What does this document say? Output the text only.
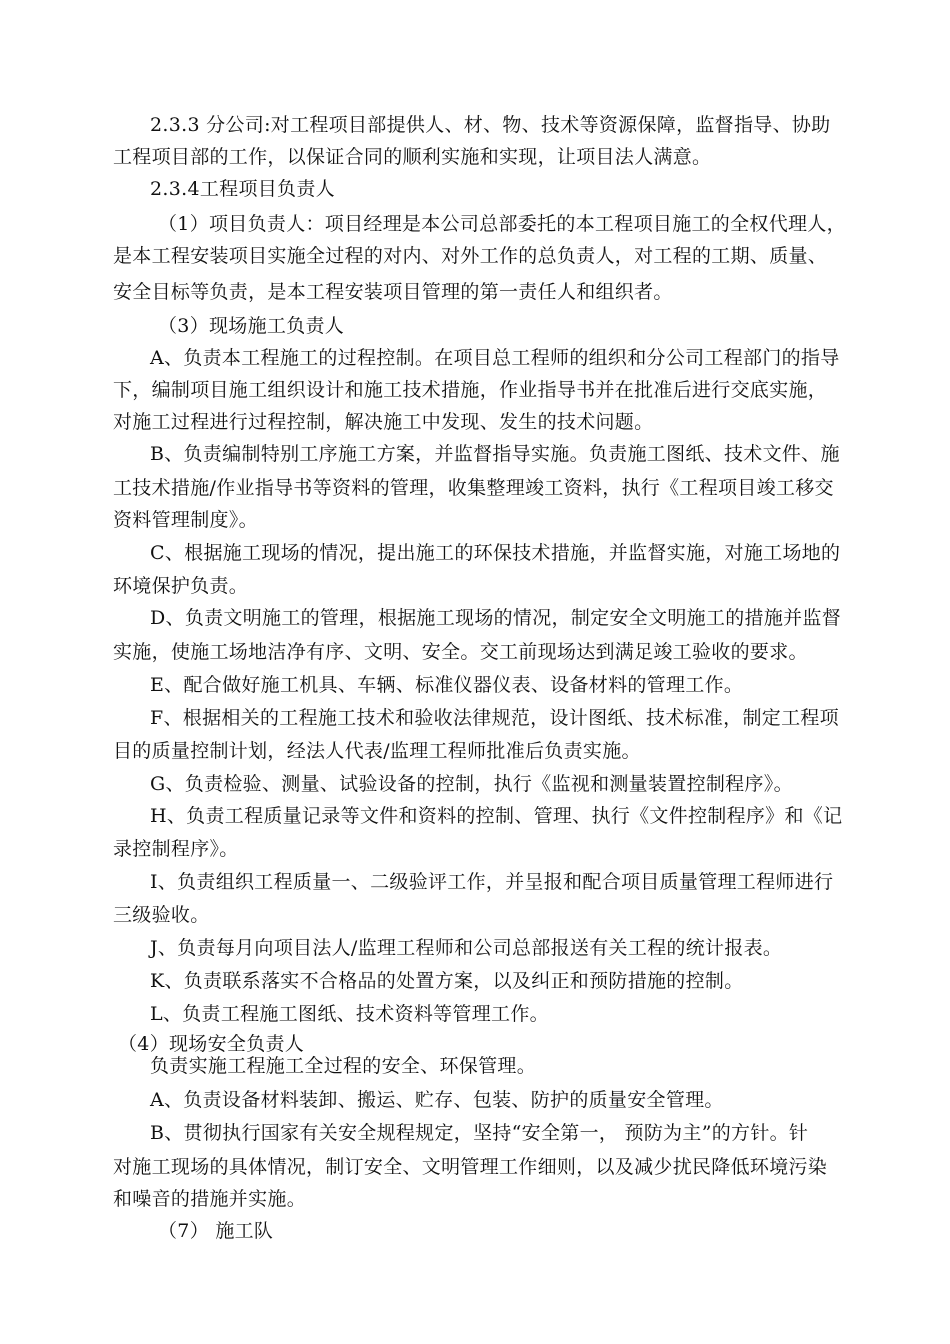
2.3.3 分公司:对工程项目部提供人、材、物、技术等资源保障，监督指导、协助
工程项目部的工作，以保证合同的顺利实施和实现，让项目法人满意。
2.3.4工程项目负责人
（1）项目负责人：项目经理是本公司总部委托的本工程项目施工的全权代理人，
是本工程安装项目实施全过程的对内、对外工作的总负责人，对工程的工期、质量、
安全目标等负责，是本工程安装项目管理的第一责任人和组织者。
（3）现场施工负责人
A、负责本工程施工的过程控制。在项目总工程师的组织和分公司工程部门的指导
下，编制项目施工组织设计和施工技术措施，作业指导书并在批准后进行交底实施，
对施工过程进行过程控制，解决施工中发现、发生的技术问题。
B、负责编制特别工序施工方案，并监督指导实施。负责施工图纸、技术文件、施
工技术措施/作业指导书等资料的管理，收集整理竣工资料，执行《工程项目竣工移交
资料管理制度》。
C、根据施工现场的情况，提出施工的环保技术措施，并监督实施，对施工场地的
环境保护负责。
D、负责文明施工的管理，根据施工现场的情况，制定安全文明施工的措施并监督
实施，使施工场地洁净有序、文明、安全。交工前现场达到满足竣工验收的要求。
E、配合做好施工机具、车辆、标准仪器仪表、设备材料的管理工作。
F、根据相关的工程施工技术和验收法律规范，设计图纸、技术标准，制定工程项
目的质量控制计划，经法人代表/监理工程师批准后负责实施。
G、负责检验、测量、试验设备的控制，执行《监视和测量装置控制程序》。
H、负责工程质量记录等文件和资料的控制、管理、执行《文件控制程序》和《记
录控制程序》。
I、负责组织工程质量一、二级验评工作，并呈报和配合项目质量管理工程师进行
三级验收。
J、负责每月向项目法人/监理工程师和公司总部报送有关工程的统计报表。
K、负责联系落实不合格品的处置方案，以及纠正和预防措施的控制。
L、负责工程施工图纸、技术资料等管理工作。
（4）现场安全负责人
负责实施工程施工全过程的安全、环保管理。
A、负责设备材料装卸、搬运、贮存、包装、防护的质量安全管理。
B、贯彻执行国家有关安全规程规定，坚持“安全第一， 预防为主”的方针。针
对施工现场的具体情况，制订安全、文明管理工作细则，以及减少扰民降低环境污染
和噪音的措施并实施。
（7） 施工队
